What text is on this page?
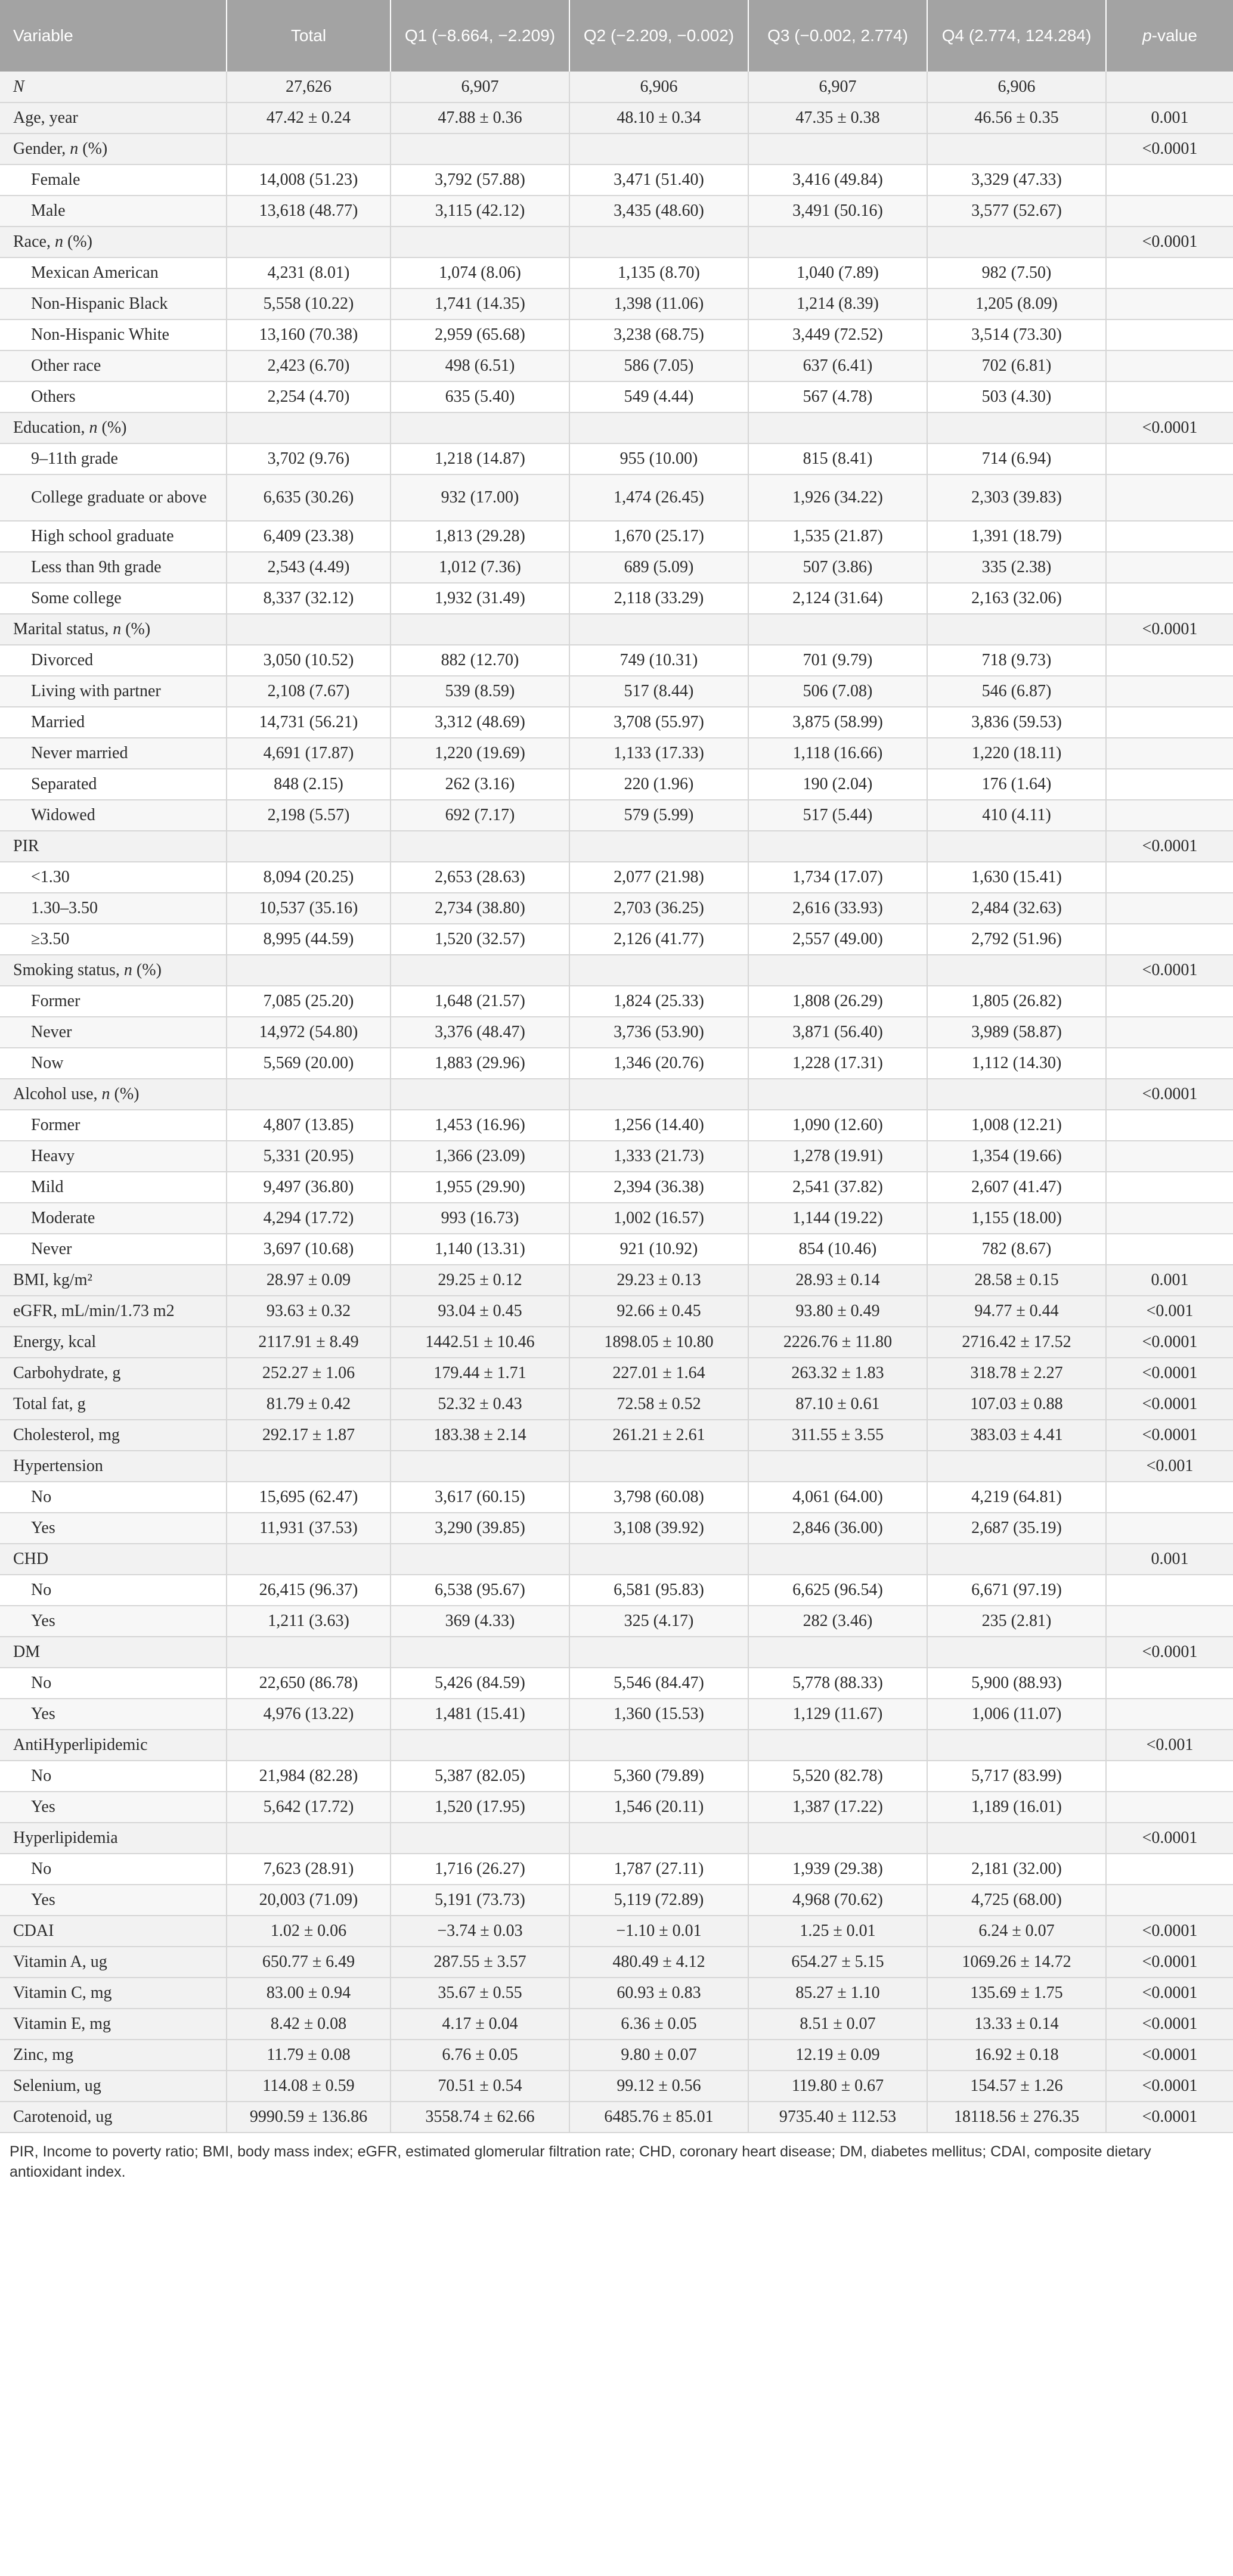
Variable	Total	Q1 (−8.664, −2.209)	Q2 (−2.209, −0.002)	Q3 (−0.002, 2.774)	Q4 (2.774, 124.284)	p-value
N	27,626	6,907	6,906	6,907	6,906	
Age, year	47.42 ± 0.24	47.88 ± 0.36	48.10 ± 0.34	47.35 ± 0.38	46.56 ± 0.35	0.001
Gender, n (%)						<0.0001
Female	14,008 (51.23)	3,792 (57.88)	3,471 (51.40)	3,416 (49.84)	3,329 (47.33)	
Male	13,618 (48.77)	3,115 (42.12)	3,435 (48.60)	3,491 (50.16)	3,577 (52.67)	
Race, n (%)						<0.0001
Mexican American	4,231 (8.01)	1,074 (8.06)	1,135 (8.70)	1,040 (7.89)	982 (7.50)	
Non-Hispanic Black	5,558 (10.22)	1,741 (14.35)	1,398 (11.06)	1,214 (8.39)	1,205 (8.09)	
Non-Hispanic White	13,160 (70.38)	2,959 (65.68)	3,238 (68.75)	3,449 (72.52)	3,514 (73.30)	
Other race	2,423 (6.70)	498 (6.51)	586 (7.05)	637 (6.41)	702 (6.81)	
Others	2,254 (4.70)	635 (5.40)	549 (4.44)	567 (4.78)	503 (4.30)	
Education, n (%)						<0.0001
9–11th grade	3,702 (9.76)	1,218 (14.87)	955 (10.00)	815 (8.41)	714 (6.94)	
College graduate or above	6,635 (30.26)	932 (17.00)	1,474 (26.45)	1,926 (34.22)	2,303 (39.83)	
High school graduate	6,409 (23.38)	1,813 (29.28)	1,670 (25.17)	1,535 (21.87)	1,391 (18.79)	
Less than 9th grade	2,543 (4.49)	1,012 (7.36)	689 (5.09)	507 (3.86)	335 (2.38)	
Some college	8,337 (32.12)	1,932 (31.49)	2,118 (33.29)	2,124 (31.64)	2,163 (32.06)	
Marital status, n (%)						<0.0001
Divorced	3,050 (10.52)	882 (12.70)	749 (10.31)	701 (9.79)	718 (9.73)	
Living with partner	2,108 (7.67)	539 (8.59)	517 (8.44)	506 (7.08)	546 (6.87)	
Married	14,731 (56.21)	3,312 (48.69)	3,708 (55.97)	3,875 (58.99)	3,836 (59.53)	
Never married	4,691 (17.87)	1,220 (19.69)	1,133 (17.33)	1,118 (16.66)	1,220 (18.11)	
Separated	848 (2.15)	262 (3.16)	220 (1.96)	190 (2.04)	176 (1.64)	
Widowed	2,198 (5.57)	692 (7.17)	579 (5.99)	517 (5.44)	410 (4.11)	
PIR						<0.0001
<1.30	8,094 (20.25)	2,653 (28.63)	2,077 (21.98)	1,734 (17.07)	1,630 (15.41)	
1.30–3.50	10,537 (35.16)	2,734 (38.80)	2,703 (36.25)	2,616 (33.93)	2,484 (32.63)	
≥3.50	8,995 (44.59)	1,520 (32.57)	2,126 (41.77)	2,557 (49.00)	2,792 (51.96)	
Smoking status, n (%)						<0.0001
Former	7,085 (25.20)	1,648 (21.57)	1,824 (25.33)	1,808 (26.29)	1,805 (26.82)	
Never	14,972 (54.80)	3,376 (48.47)	3,736 (53.90)	3,871 (56.40)	3,989 (58.87)	
Now	5,569 (20.00)	1,883 (29.96)	1,346 (20.76)	1,228 (17.31)	1,112 (14.30)	
Alcohol use, n (%)						<0.0001
Former	4,807 (13.85)	1,453 (16.96)	1,256 (14.40)	1,090 (12.60)	1,008 (12.21)	
Heavy	5,331 (20.95)	1,366 (23.09)	1,333 (21.73)	1,278 (19.91)	1,354 (19.66)	
Mild	9,497 (36.80)	1,955 (29.90)	2,394 (36.38)	2,541 (37.82)	2,607 (41.47)	
Moderate	4,294 (17.72)	993 (16.73)	1,002 (16.57)	1,144 (19.22)	1,155 (18.00)	
Never	3,697 (10.68)	1,140 (13.31)	921 (10.92)	854 (10.46)	782 (8.67)	
BMI, kg/m²	28.97 ± 0.09	29.25 ± 0.12	29.23 ± 0.13	28.93 ± 0.14	28.58 ± 0.15	0.001
eGFR, mL/min/1.73 m2	93.63 ± 0.32	93.04 ± 0.45	92.66 ± 0.45	93.80 ± 0.49	94.77 ± 0.44	<0.001
Energy, kcal	2117.91 ± 8.49	1442.51 ± 10.46	1898.05 ± 10.80	2226.76 ± 11.80	2716.42 ± 17.52	<0.0001
Carbohydrate, g	252.27 ± 1.06	179.44 ± 1.71	227.01 ± 1.64	263.32 ± 1.83	318.78 ± 2.27	<0.0001
Total fat, g	81.79 ± 0.42	52.32 ± 0.43	72.58 ± 0.52	87.10 ± 0.61	107.03 ± 0.88	<0.0001
Cholesterol, mg	292.17 ± 1.87	183.38 ± 2.14	261.21 ± 2.61	311.55 ± 3.55	383.03 ± 4.41	<0.0001
Hypertension						<0.001
No	15,695 (62.47)	3,617 (60.15)	3,798 (60.08)	4,061 (64.00)	4,219 (64.81)	
Yes	11,931 (37.53)	3,290 (39.85)	3,108 (39.92)	2,846 (36.00)	2,687 (35.19)	
CHD						0.001
No	26,415 (96.37)	6,538 (95.67)	6,581 (95.83)	6,625 (96.54)	6,671 (97.19)	
Yes	1,211 (3.63)	369 (4.33)	325 (4.17)	282 (3.46)	235 (2.81)	
DM						<0.0001
No	22,650 (86.78)	5,426 (84.59)	5,546 (84.47)	5,778 (88.33)	5,900 (88.93)	
Yes	4,976 (13.22)	1,481 (15.41)	1,360 (15.53)	1,129 (11.67)	1,006 (11.07)	
AntiHyperlipidemic						<0.001
No	21,984 (82.28)	5,387 (82.05)	5,360 (79.89)	5,520 (82.78)	5,717 (83.99)	
Yes	5,642 (17.72)	1,520 (17.95)	1,546 (20.11)	1,387 (17.22)	1,189 (16.01)	
Hyperlipidemia						<0.0001
No	7,623 (28.91)	1,716 (26.27)	1,787 (27.11)	1,939 (29.38)	2,181 (32.00)	
Yes	20,003 (71.09)	5,191 (73.73)	5,119 (72.89)	4,968 (70.62)	4,725 (68.00)	
CDAI	1.02 ± 0.06	−3.74 ± 0.03	−1.10 ± 0.01	1.25 ± 0.01	6.24 ± 0.07	<0.0001
Vitamin A, ug	650.77 ± 6.49	287.55 ± 3.57	480.49 ± 4.12	654.27 ± 5.15	1069.26 ± 14.72	<0.0001
Vitamin C, mg	83.00 ± 0.94	35.67 ± 0.55	60.93 ± 0.83	85.27 ± 1.10	135.69 ± 1.75	<0.0001
Vitamin E, mg	8.42 ± 0.08	4.17 ± 0.04	6.36 ± 0.05	8.51 ± 0.07	13.33 ± 0.14	<0.0001
Zinc, mg	11.79 ± 0.08	6.76 ± 0.05	9.80 ± 0.07	12.19 ± 0.09	16.92 ± 0.18	<0.0001
Selenium, ug	114.08 ± 0.59	70.51 ± 0.54	99.12 ± 0.56	119.80 ± 0.67	154.57 ± 1.26	<0.0001
Carotenoid, ug	9990.59 ± 136.86	3558.74 ± 62.66	6485.76 ± 85.01	9735.40 ± 112.53	18118.56 ± 276.35	<0.0001
PIR, Income to poverty ratio; BMI, body mass index; eGFR, estimated glomerular filtration rate; CHD, coronary heart disease; DM, diabetes mellitus; CDAI, composite dietary antioxidant index.
